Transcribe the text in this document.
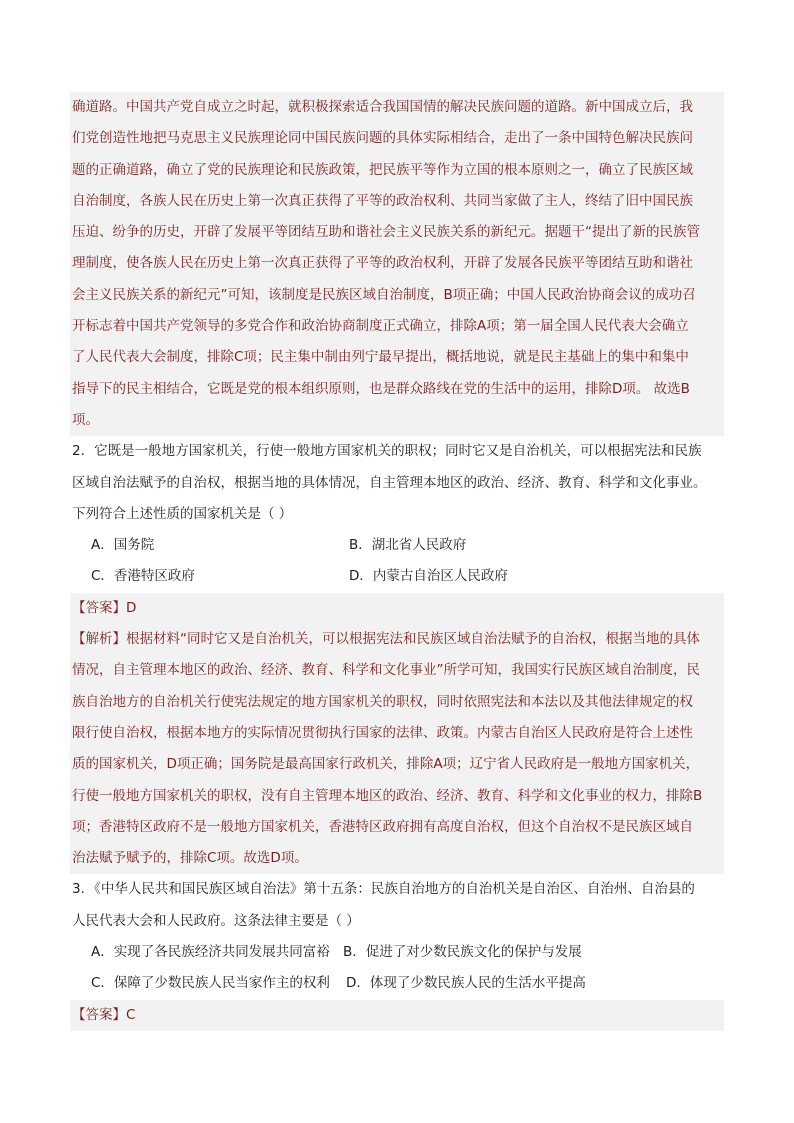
确道路。中国共产党自成立之时起，就积极探索适合我国国情的解决民族问题的道路。新中国成立后，我
们党创造性地把马克思主义民族理论同中国民族问题的具体实际相结合，走出了一条中国特色解决民族问
题的正确道路，确立了党的民族理论和民族政策，把民族平等作为立国的根本原则之一，确立了民族区域
自治制度，各族人民在历史上第一次真正获得了平等的政治权利、共同当家做了主人，终结了旧中国民族
压迫、纷争的历史，开辟了发展平等团结互助和谐社会主义民族关系的新纪元。据题干“提出了新的民族管
理制度，使各族人民在历史上第一次真正获得了平等的政治权利，开辟了发展各民族平等团结互助和谐社
会主义民族关系的新纪元”可知，该制度是民族区域自治制度，B项正确；中国人民政治协商会议的成功召
开标志着中国共产党领导的多党合作和政治协商制度正式确立，排除A项；第一届全国人民代表大会确立
了人民代表大会制度，排除C项；民主集中制由列宁最早提出，概括地说，就是民主基础上的集中和集中
指导下的民主相结合，它既是党的根本组织原则，也是群众路线在党的生活中的运用，排除D项。 故选B
项。
2．它既是一般地方国家机关，行使一般地方国家机关的职权；同时它又是自治机关，可以根据宪法和民族
区域自治法赋予的自治权，根据当地的具体情况，自主管理本地区的政治、经济、教育、科学和文化事业。
下列符合上述性质的国家机关是（ ）
A．国务院	B．湖北省人民政府
C．香港特区政府	D．内蒙古自治区人民政府
【答案】D
【解析】根据材料“同时它又是自治机关，可以根据宪法和民族区域自治法赋予的自治权，根据当地的具体
情况，自主管理本地区的政治、经济、教育、科学和文化事业”所学可知，我国实行民族区域自治制度，民
族自治地方的自治机关行使宪法规定的地方国家机关的职权，同时依照宪法和本法以及其他法律规定的权
限行使自治权，根据本地方的实际情况贯彻执行国家的法律、政策。内蒙古自治区人民政府是符合上述性
质的国家机关，D项正确；国务院是最高国家行政机关，排除A项；辽宁省人民政府是一般地方国家机关，
行使一般地方国家机关的职权，没有自主管理本地区的政治、经济、教育、科学和文化事业的权力，排除B
项；香港特区政府不是一般地方国家机关，香港特区政府拥有高度自治权，但这个自治权不是民族区域自
治法赋予赋予的，排除C项。故选D项。
3．《中华人民共和国民族区域自治法》第十五条：民族自治地方的自治机关是自治区、自治州、自治县的
人民代表大会和人民政府。这条法律主要是（ ）
A．实现了各民族经济共同发展共同富裕 B．促进了对少数民族文化的保护与发展
C．保障了少数民族人民当家作主的权利 D．体现了少数民族人民的生活水平提高
【答案】C
